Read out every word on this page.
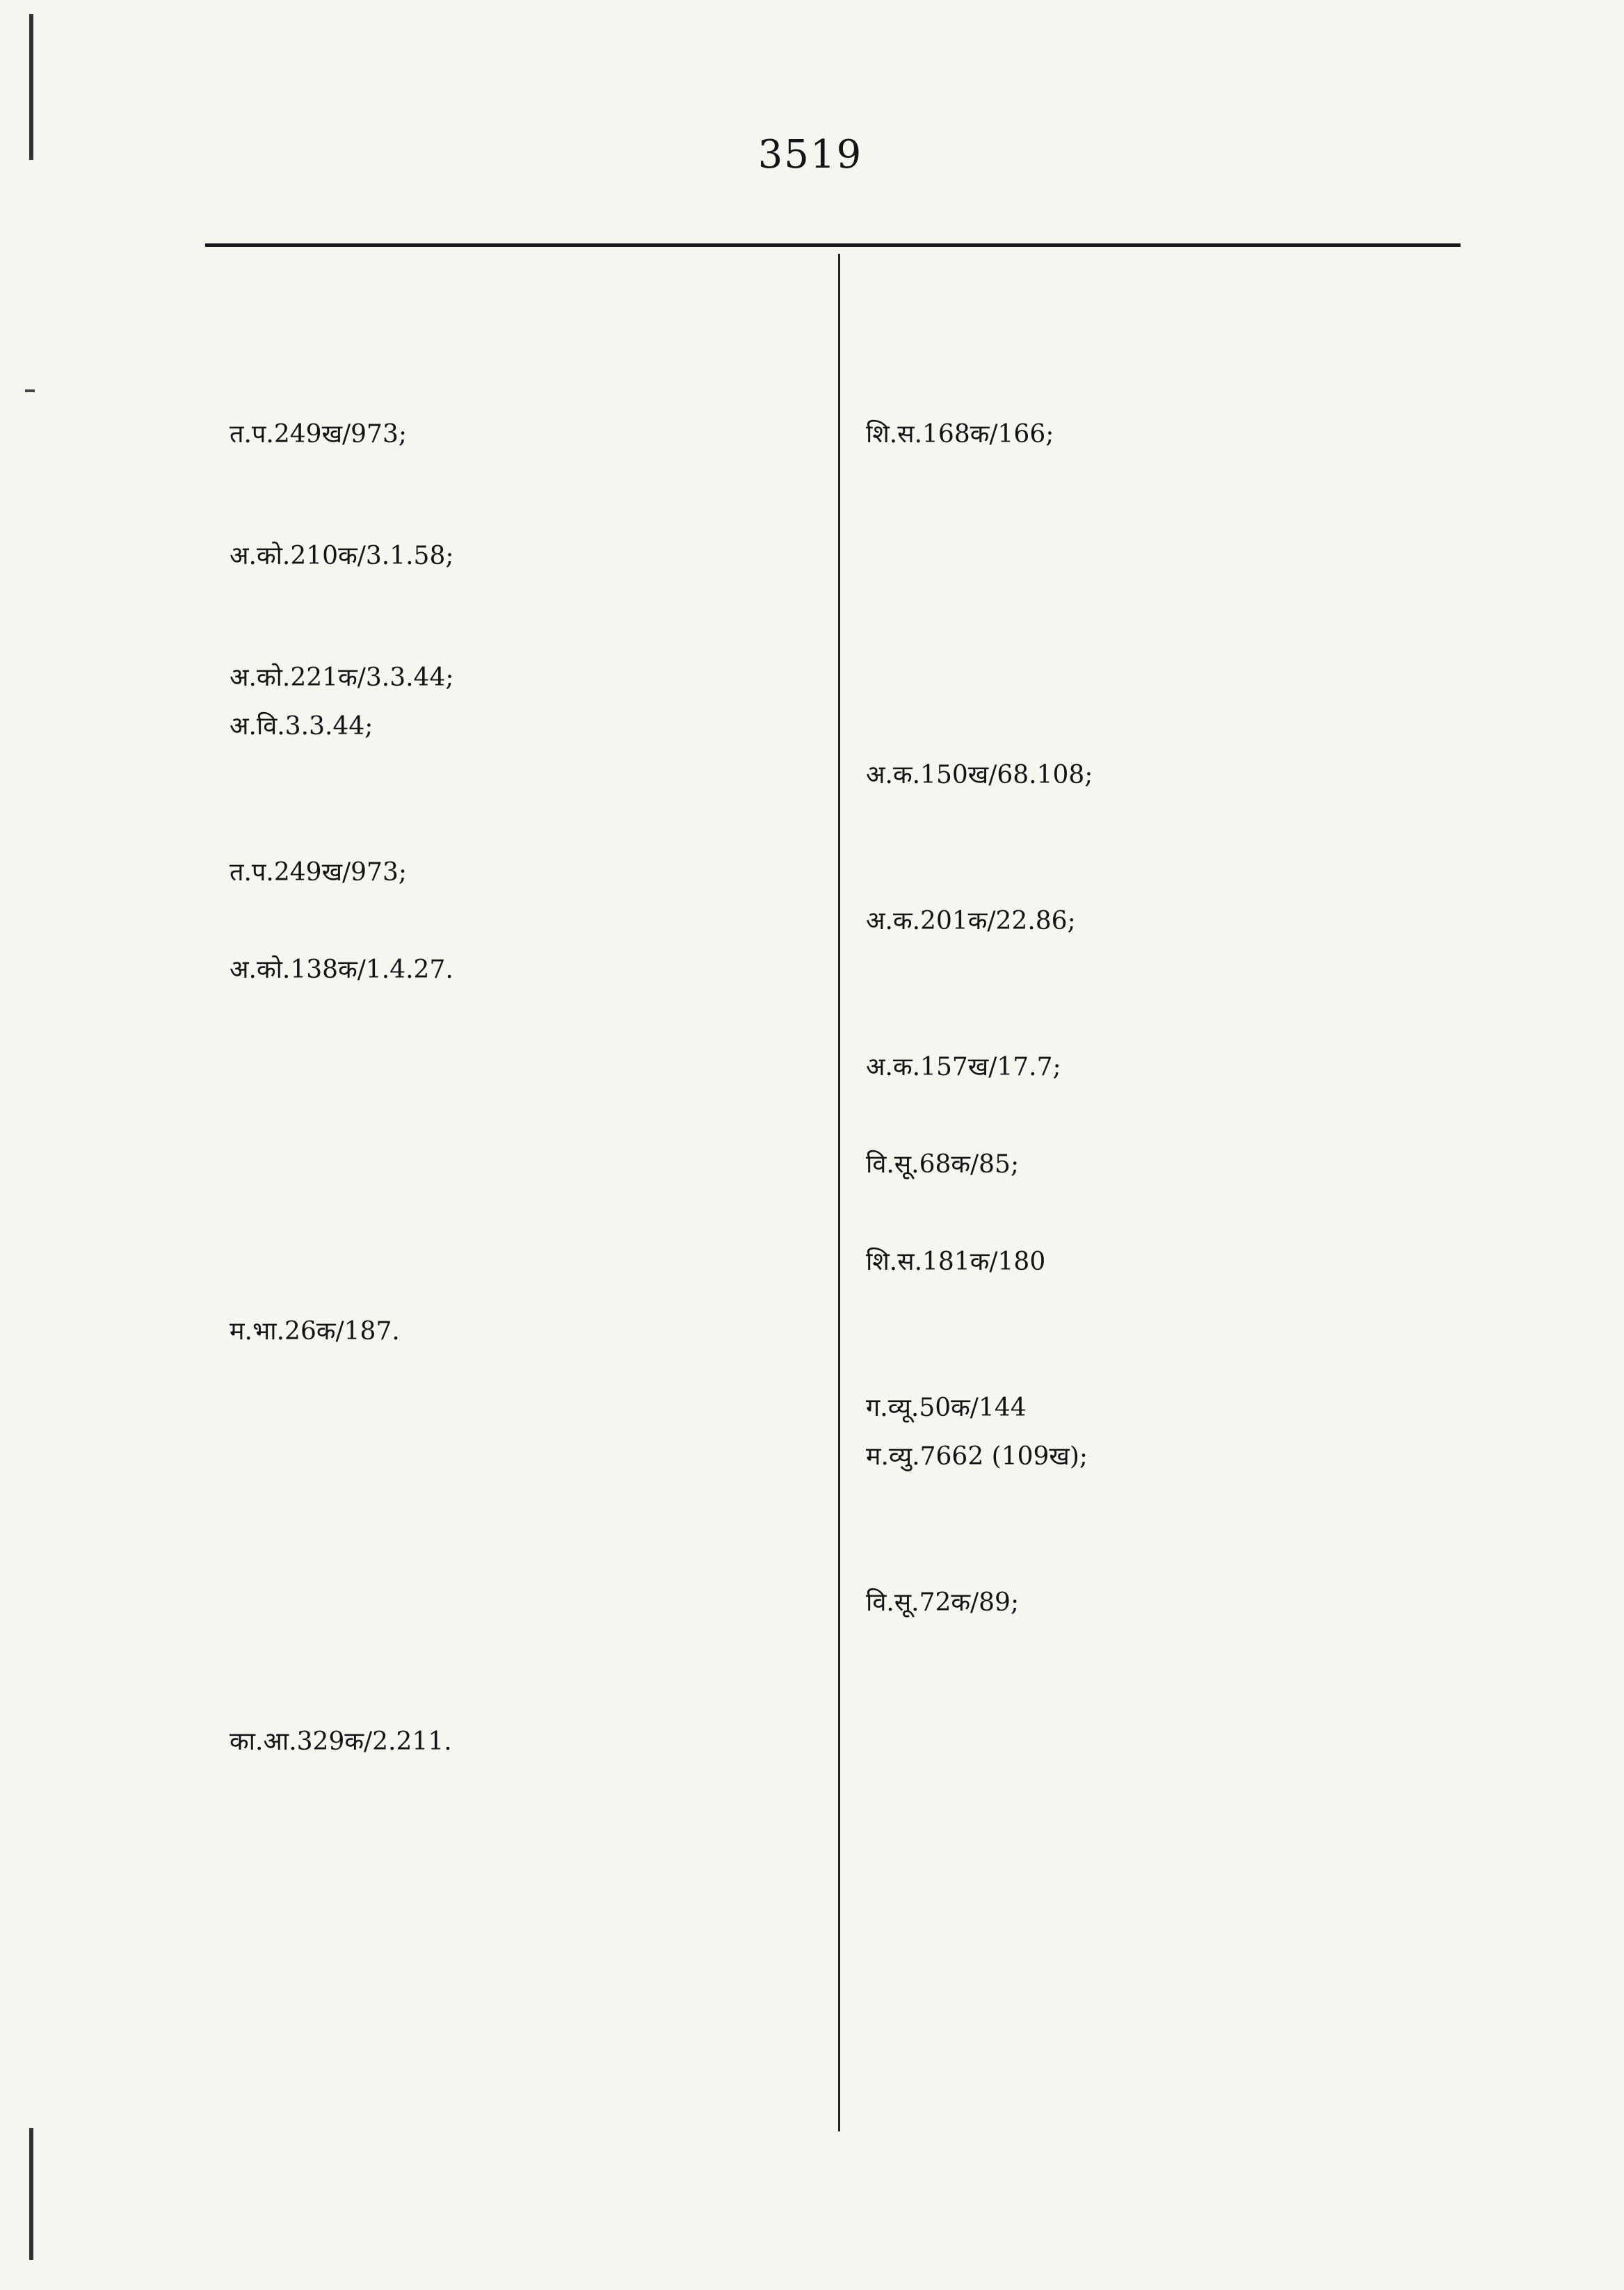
3519
त.प.249ख/973;
अ.को.210क/3.1.58;
अ.को.221क/3.3.44;
अ.वि.3.3.44;
त.प.249ख/973;
अ.को.138क/1.4.27.
म.भा.26क/187.
का.आ.329क/2.211.
शि.स.168क/166;
अ.क.150ख/68.108;
अ.क.201क/22.86;
अ.क.157ख/17.7;
वि.सू.68क/85;
शि.स.181क/180
ग.व्यू.50क/144
म.व्यु.7662 (109ख);
वि.सू.72क/89;
